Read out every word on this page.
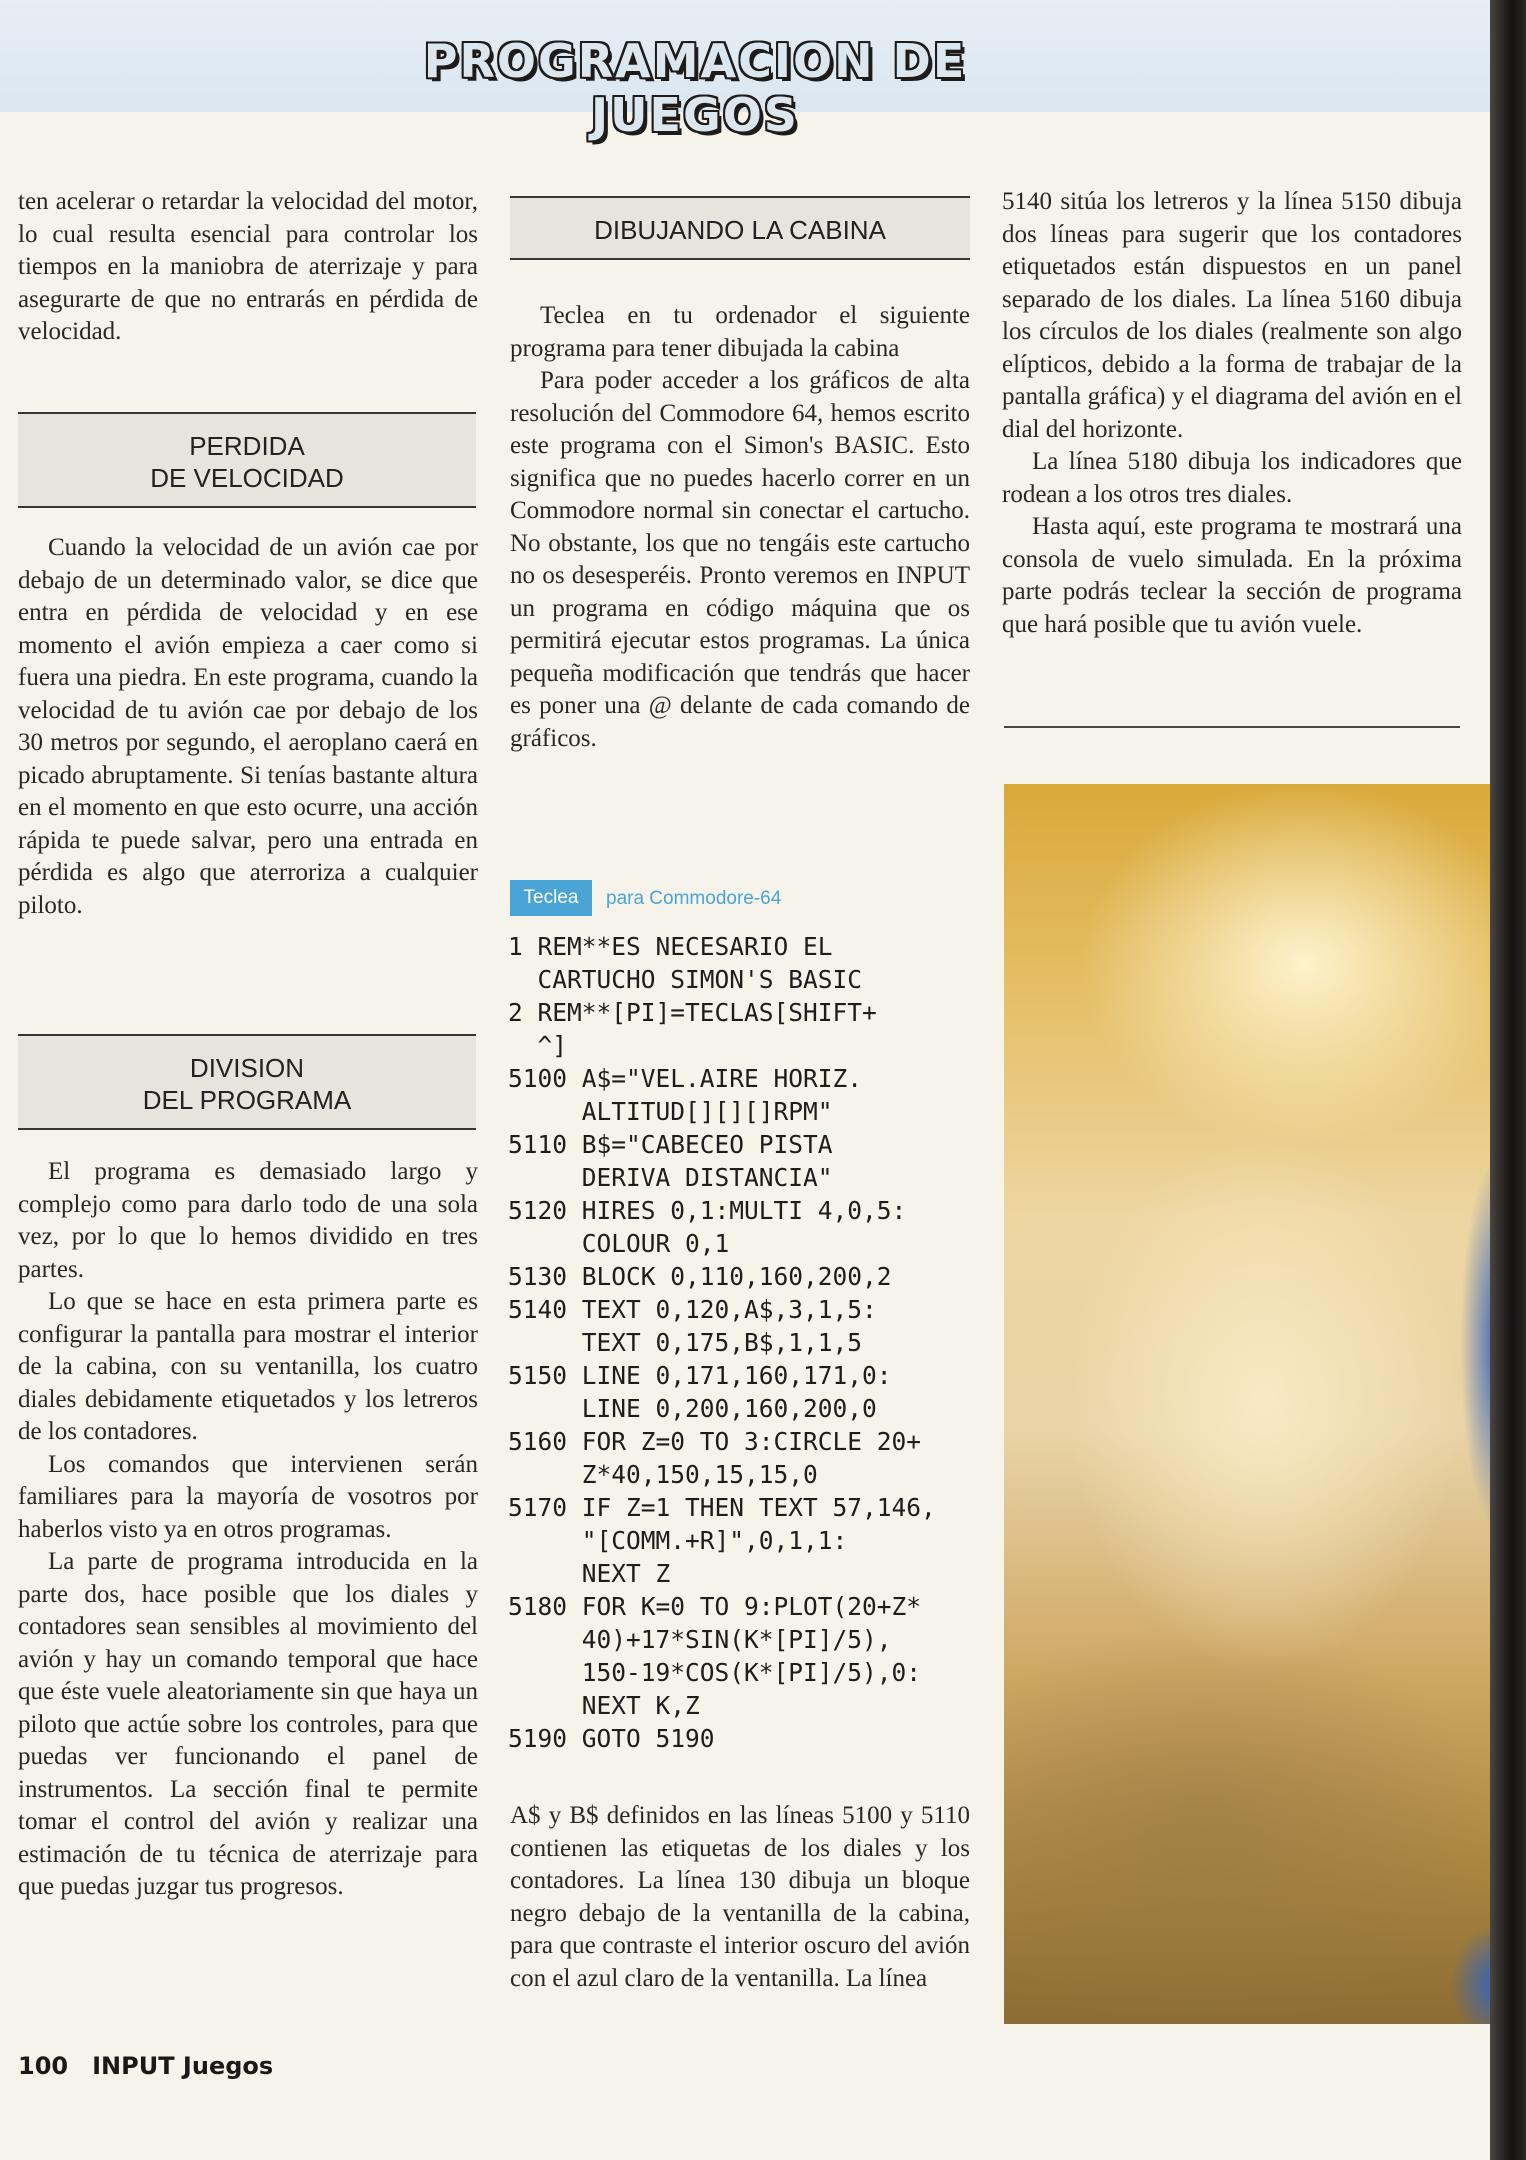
PROGRAMACION DE JUEGOS

ten acelerar o retardar la velocidad del motor, lo cual resulta esencial para controlar los tiempos en la maniobra de aterrizaje y para asegurarte de que no entrarás en pérdida de velocidad.

PERDIDA
DE VELOCIDAD

Cuando la velocidad de un avión cae por debajo de un determinado valor, se dice que entra en pérdida de velocidad y en ese momento el avión empieza a caer como si fuera una piedra. En este programa, cuando la velocidad de tu avión cae por debajo de los 30 metros por segundo, el aeroplano caerá en picado abruptamente. Si tenías bastante altura en el momento en que esto ocurre, una acción rápida te puede salvar, pero una entrada en pérdida es algo que aterroriza a cualquier piloto.

DIVISION
DEL PROGRAMA

El programa es demasiado largo y complejo como para darlo todo de una sola vez, por lo que lo hemos dividido en tres partes.

Lo que se hace en esta primera parte es configurar la pantalla para mostrar el interior de la cabina, con su ventanilla, los cuatro diales debidamente etiquetados y los letreros de los contadores.

Los comandos que intervienen serán familiares para la mayoría de vosotros por haberlos visto ya en otros programas.

La parte de programa introducida en la parte dos, hace posible que los diales y contadores sean sensibles al movimiento del avión y hay un comando temporal que hace que éste vuele aleatoriamente sin que haya un piloto que actúe sobre los controles, para que puedas ver funcionando el panel de instrumentos. La sección final te permite tomar el control del avión y realizar una estimación de tu técnica de aterrizaje para que puedas juzgar tus progresos.

DIBUJANDO LA CABINA

Teclea en tu ordenador el siguiente programa para tener dibujada la cabina

Para poder acceder a los gráficos de alta resolución del Commodore 64, hemos escrito este programa con el Simon's BASIC. Esto significa que no puedes hacerlo correr en un Commodore normal sin conectar el cartucho. No obstante, los que no tengáis este cartucho no os desesperéis. Pronto veremos en INPUT un programa en código máquina que os permitirá ejecutar estos programas. La única pequeña modificación que tendrás que hacer es poner una @ delante de cada comando de gráficos.

Teclea	para Commodore-64
1 REM**ES NECESARIO EL
CARTUCHO SIMON'S BASIC
2 REM**[PI]=TECLAS[SHIFT+
^]
5100 A$="VEL.AIRE HORIZ.
ALTITUD[][][]RPM"
5110 B$="CABECEO PISTA
DERIVA DISTANCIA"
5120 HIRES 0,1:MULTI 4,0,5:
COLOUR 0,1
5130 BLOCK 0,110,160,200,2
5140 TEXT 0,120,A$,3,1,5:
TEXT 0,175,B$,1,1,5
5150 LINE 0,171,160,171,0:
LINE 0,200,160,200,0
5160 FOR Z=0 TO 3:CIRCLE 20+
Z*40,150,15,15,0
5170 IF Z=1 THEN TEXT 57,146,
"[COMM.+R]",0,1,1:
NEXT Z
5180 FOR K=0 TO 9:PLOT(20+Z*
40)+17*SIN(K*[PI]/5),
150-19*COS(K*[PI]/5),0:
NEXT K,Z
5190 GOTO 5190

A$ y B$ definidos en las líneas 5100 y 5110 contienen las etiquetas de los diales y los contadores. La línea 130 dibuja un bloque negro debajo de la ventanilla de la cabina, para que contraste el interior oscuro del avión con el azul claro de la ventanilla. La línea

5140 sitúa los letreros y la línea 5150 dibuja dos líneas para sugerir que los contadores etiquetados están dispuestos en un panel separado de los diales. La línea 5160 dibuja los círculos de los diales (realmente son algo elípticos, debido a la forma de trabajar de la pantalla gráfica) y el diagrama del avión en el dial del horizonte.

La línea 5180 dibuja los indicadores que rodean a los otros tres diales.

Hasta aquí, este programa te mostrará una consola de vuelo simulada. En la próxima parte podrás teclear la sección de programa que hará posible que tu avión vuele.

100 INPUT Juegos
